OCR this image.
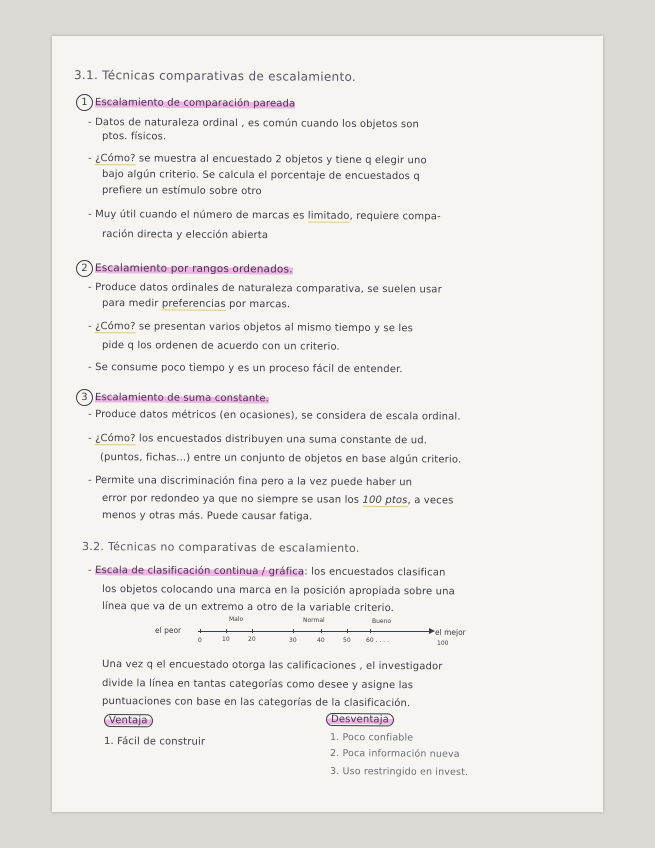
3.1. Técnicas comparativas de escalamiento.

1 Escalamiento de comparación pareada

- Datos de naturaleza ordinal , es común cuando los objetos son

ptos. físicos.

- ¿Cómo? se muestra al encuestado 2 objetos y tiene q elegir uno

bajo algún criterio. Se calcula el porcentaje de encuestados q

prefiere un estímulo sobre otro

- Muy útil cuando el número de marcas es limitado, requiere compa-

ración directa y elección abierta

2 Escalamiento por rangos ordenados.

- Produce datos ordinales de naturaleza comparativa, se suelen usar

para medir preferencias por marcas.

- ¿Cómo? se presentan varios objetos al mismo tiempo y se les

pide q los ordenen de acuerdo con un criterio.

- Se consume poco tiempo y es un proceso fácil de entender.

3 Escalamiento de suma constante.

- Produce datos métricos (en ocasiones), se considera de escala ordinal.

- ¿Cómo? los encuestados distribuyen una suma constante de ud.

(puntos, fichas...) entre un conjunto de objetos en base algún criterio.

- Permite una discriminación fina pero a la vez puede haber un

error por redondeo ya que no siempre se usan los 100 ptos, a veces

menos y otras más. Puede causar fatiga.

3.2. Técnicas no comparativas de escalamiento.

- Escala de clasificación continua / gráfica: los encuestados clasifican

los objetos colocando una marca en la posición apropiada sobre una

línea que va de un extremo a otro de la variable criterio.

el peor	el mejor
Malo	Normal	Bueno
0	10	20	30	40	50	60 . . . .	100

Una vez q el encuestado otorga las calificaciones , el investigador

divide la línea en tantas categorías como desee y asigne las

puntuaciones con base en las categorías de la clasificación.

Ventaja

1. Fácil de construir

Desventaja

1. Poco confiable

2. Poca información nueva

3. Uso restringido en invest.
